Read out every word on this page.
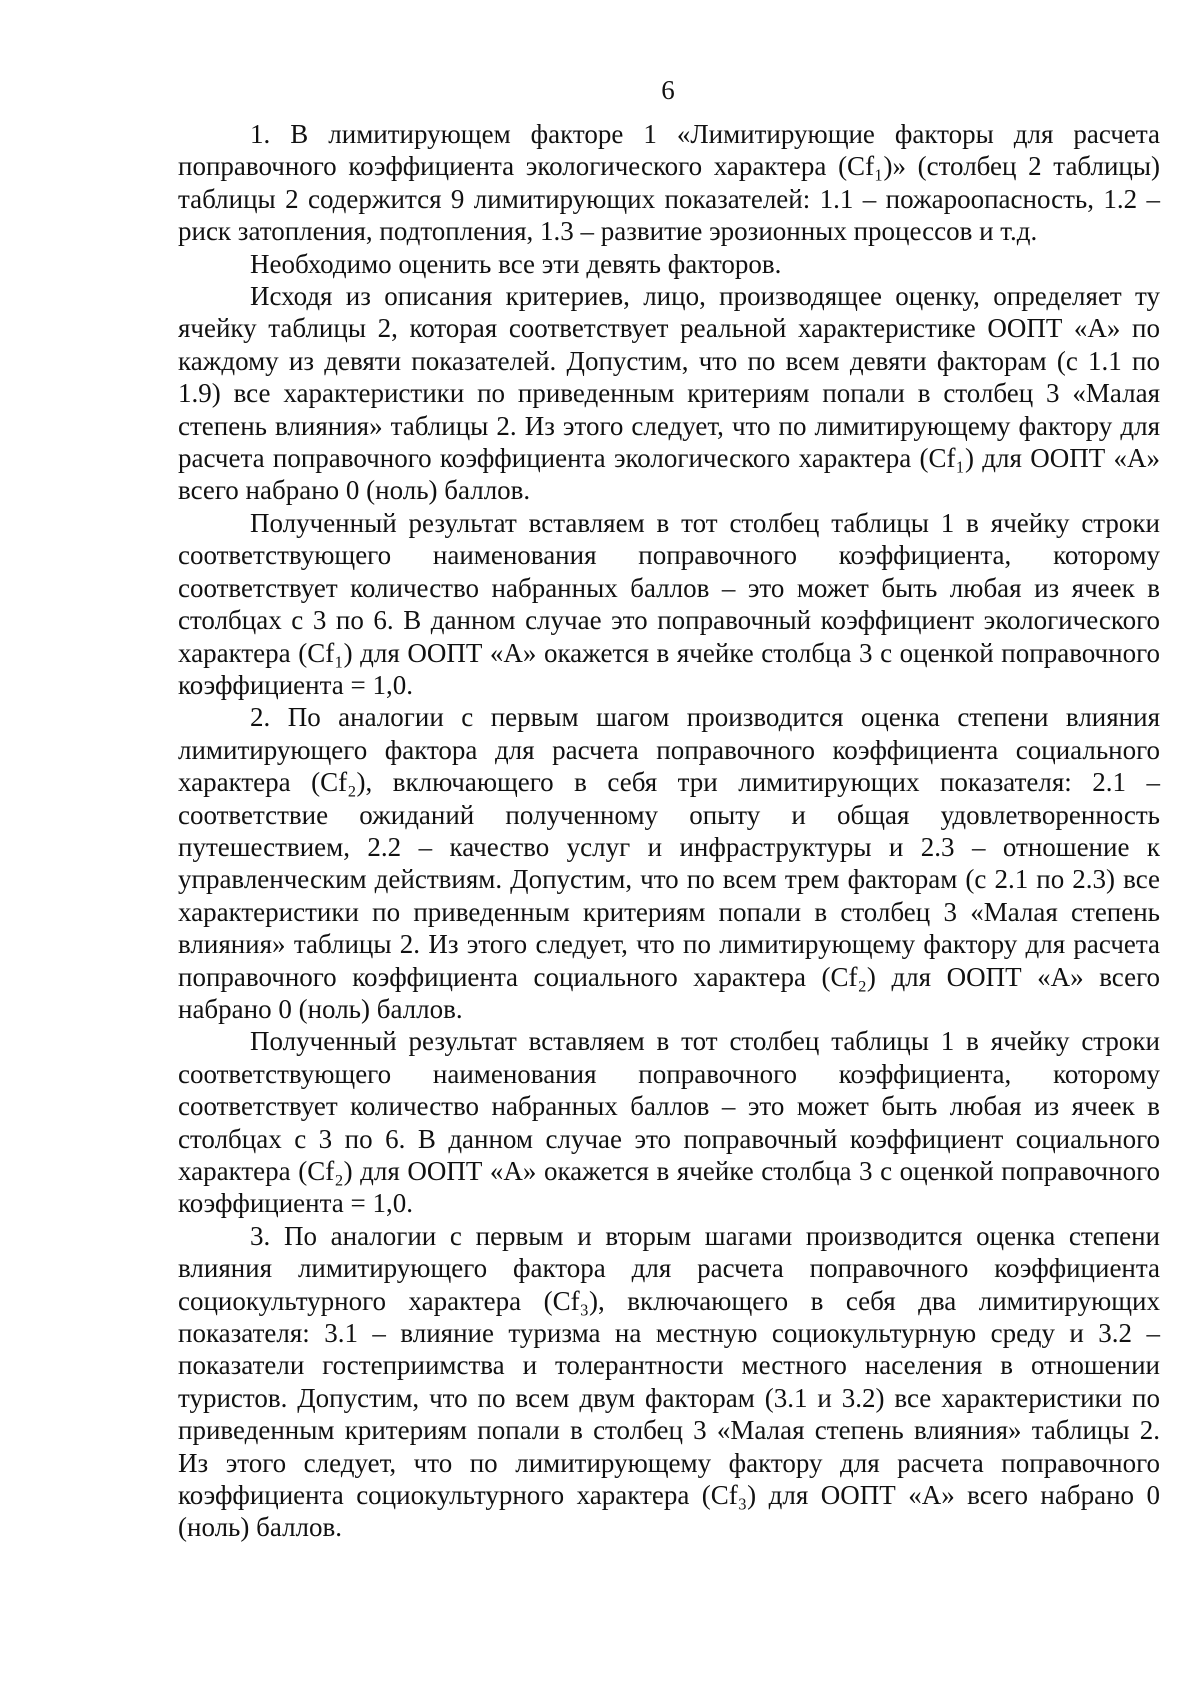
6

1. В лимитирующем факторе 1 «Лимитирующие факторы для расчета поправочного коэффициента экологического характера (Cf₁)» (столбец 2 таблицы) таблицы 2 содержится 9 лимитирующих показателей: 1.1 – пожароопасность, 1.2 – риск затопления, подтопления, 1.3 – развитие эрозионных процессов и т.д.

Необходимо оценить все эти девять факторов.

Исходя из описания критериев, лицо, производящее оценку, определяет ту ячейку таблицы 2, которая соответствует реальной характеристике ООПТ «А» по каждому из девяти показателей. Допустим, что по всем девяти факторам (с 1.1 по 1.9) все характеристики по приведенным критериям попали в столбец 3 «Малая степень влияния» таблицы 2. Из этого следует, что по лимитирующему фактору для расчета поправочного коэффициента экологического характера (Cf₁) для ООПТ «А» всего набрано 0 (ноль) баллов.

Полученный результат вставляем в тот столбец таблицы 1 в ячейку строки соответствующего наименования поправочного коэффициента, которому соответствует количество набранных баллов – это может быть любая из ячеек в столбцах с 3 по 6. В данном случае это поправочный коэффициент экологического характера (Cf₁) для ООПТ «А» окажется в ячейке столбца 3 с оценкой поправочного коэффициента = 1,0.

2. По аналогии с первым шагом производится оценка степени влияния лимитирующего фактора для расчета поправочного коэффициента социального характера (Cf₂), включающего в себя три лимитирующих показателя: 2.1 – соответствие ожиданий полученному опыту и общая удовлетворенность путешествием, 2.2 – качество услуг и инфраструктуры и 2.3 – отношение к управленческим действиям. Допустим, что по всем трем факторам (с 2.1 по 2.3) все характеристики по приведенным критериям попали в столбец 3 «Малая степень влияния» таблицы 2. Из этого следует, что по лимитирующему фактору для расчета поправочного коэффициента социального характера (Cf₂) для ООПТ «А» всего набрано 0 (ноль) баллов.

Полученный результат вставляем в тот столбец таблицы 1 в ячейку строки соответствующего наименования поправочного коэффициента, которому соответствует количество набранных баллов – это может быть любая из ячеек в столбцах с 3 по 6. В данном случае это поправочный коэффициент социального характера (Cf₂) для ООПТ «А» окажется в ячейке столбца 3 с оценкой поправочного коэффициента = 1,0.

3. По аналогии с первым и вторым шагами производится оценка степени влияния лимитирующего фактора для расчета поправочного коэффициента социокультурного характера (Cf₃), включающего в себя два лимитирующих показателя: 3.1 – влияние туризма на местную социокультурную среду и 3.2 – показатели гостеприимства и толерантности местного населения в отношении туристов. Допустим, что по всем двум факторам (3.1 и 3.2) все характеристики по приведенным критериям попали в столбец 3 «Малая степень влияния» таблицы 2. Из этого следует, что по лимитирующему фактору для расчета поправочного коэффициента социокультурного характера (Cf₃) для ООПТ «А» всего набрано 0 (ноль) баллов.
